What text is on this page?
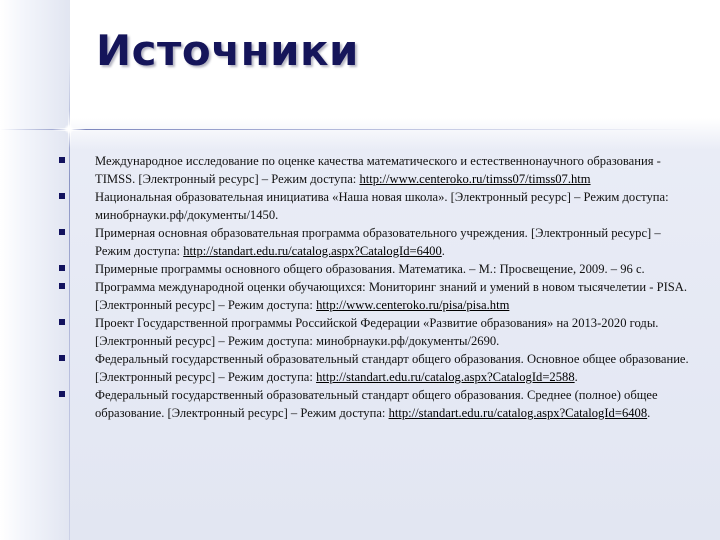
Источники
Международное исследование по оценке качества математического и естественнонаучного образования - TIMSS. [Электронный ресурс] – Режим доступа: http://www.centeroko.ru/timss07/timss07.htm
Национальная образовательная инициатива «Наша новая школа». [Электронный ресурс] – Режим доступа: минобрнауки.рф/документы/1450.
Примерная основная образовательная программа образовательного учреждения. [Электронный ресурс] – Режим доступа: http://standart.edu.ru/catalog.aspx?CatalogId=6400.
Примерные программы основного общего образования. Математика. – М.: Просвещение, 2009. – 96 с.
Программа международной оценки обучающихся: Мониторинг знаний и умений в новом тысячелетии - PISA. [Электронный ресурс] – Режим доступа: http://www.centeroko.ru/pisa/pisa.htm
Проект Государственной программы Российской Федерации «Развитие образования» на 2013-2020 годы. [Электронный ресурс] – Режим доступа: минобрнауки.рф/документы/2690.
Федеральный государственный образовательный стандарт общего образования. Основное общее образование. [Электронный ресурс] – Режим доступа: http://standart.edu.ru/catalog.aspx?CatalogId=2588.
Федеральный государственный образовательный стандарт общего образования. Среднее (полное) общее образование. [Электронный ресурс] – Режим доступа: http://standart.edu.ru/catalog.aspx?CatalogId=6408.
